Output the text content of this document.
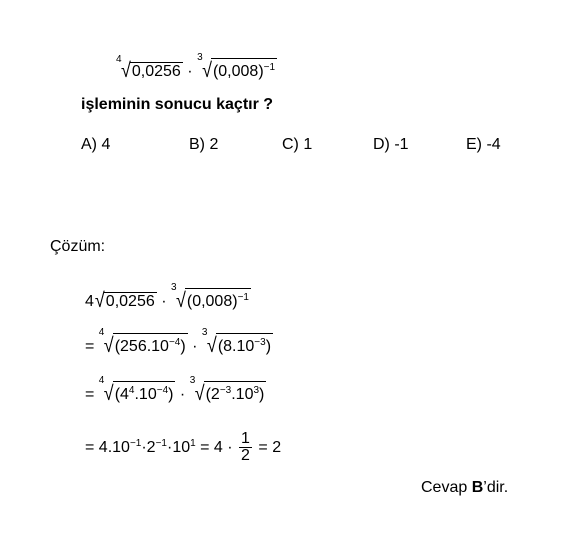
4 √0,0256 ·
3
$√(0,008)^{-1}$
işleminin sonucu kaçtır ?
A) 4	B) 2	C) 1	D) -1	E) -4
Çözüm:
4√0,0256 ·
3
$√(0,008)^{-1}$
=
4
$√(256.10^{-4})$ ·
3
$√(8.10^{-3})$
=
4
$√(4^4.10^{-4})$ ·
3
$√(2^{-3}.10^3)$
= $4.10^{-1}\cdot 2^{-1}\cdot 10^1 = 4 \cdot \frac{1}{2} = 2$
Cevap B’dir.
